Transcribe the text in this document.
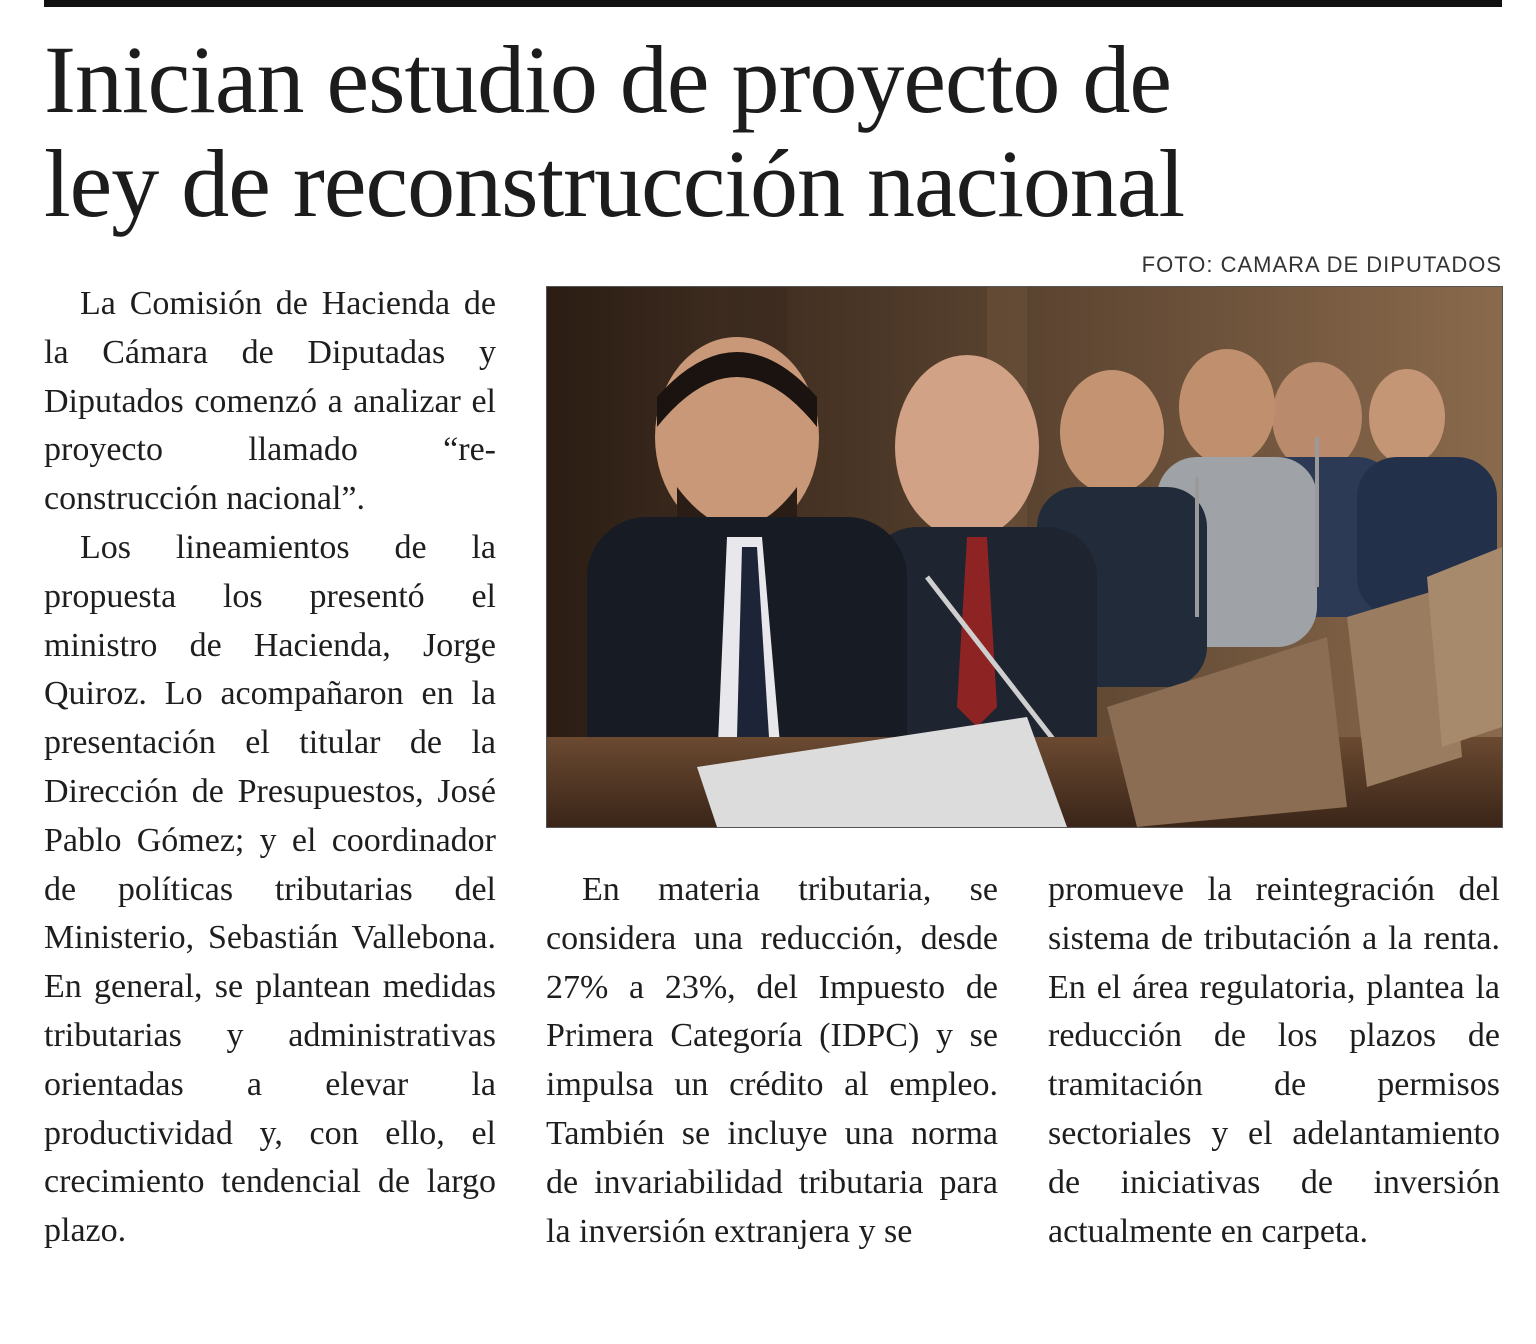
Inician estudio de proyecto de
ley de reconstrucción nacional
FOTO: CAMARA DE DIPUTADOS

La Comisión de Hacienda de la Cámara de Diputadas y Diputados comenzó a analizar el proyecto llamado “reconstrucción nacional”.

Los lineamientos de la propuesta los presentó el ministro de Hacienda, Jorge Quiroz. Lo acompañaron en la presentación el titular de la Dirección de Presupuestos, José Pablo Gómez; y el coordinador de políticas tributarias del Ministerio, Sebastián Vallebona. En general, se plantean medidas tributarias y administrativas orientadas a elevar la productividad y, con ello, el crecimiento tendencial de largo plazo.

En materia tributaria, se considera una reducción, desde 27% a 23%, del Impuesto de Primera Categoría (IDPC) y se impulsa un crédito al empleo. También se incluye una norma de invariabilidad tributaria para la inversión extranjera y se

promueve la reintegración del sistema de tributación a la renta. En el área regulatoria, plantea la reducción de los plazos de tramitación de permisos sectoriales y el adelantamiento de iniciativas de inversión actualmente en carpeta.
